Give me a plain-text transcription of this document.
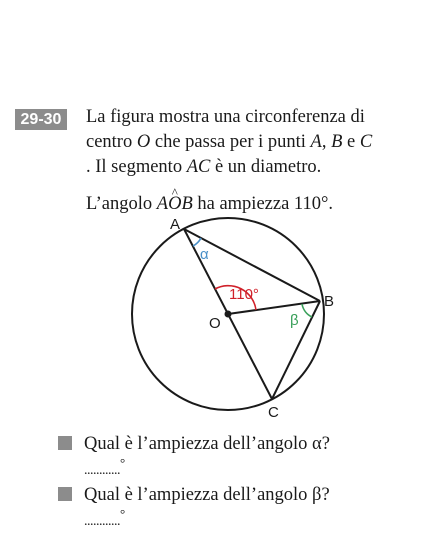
29-30 La figura mostra una circonferenza di
centro O che passa per i punti A, B e C
. Il segmento AC è un diametro.
L’angolo A^ OB ha ampiezza 110°.
A
B
C
O
110°
α
β
Qual è l’ampiezza dell’angolo α?
............°
Qual è l’ampiezza dell’angolo β?
............°
